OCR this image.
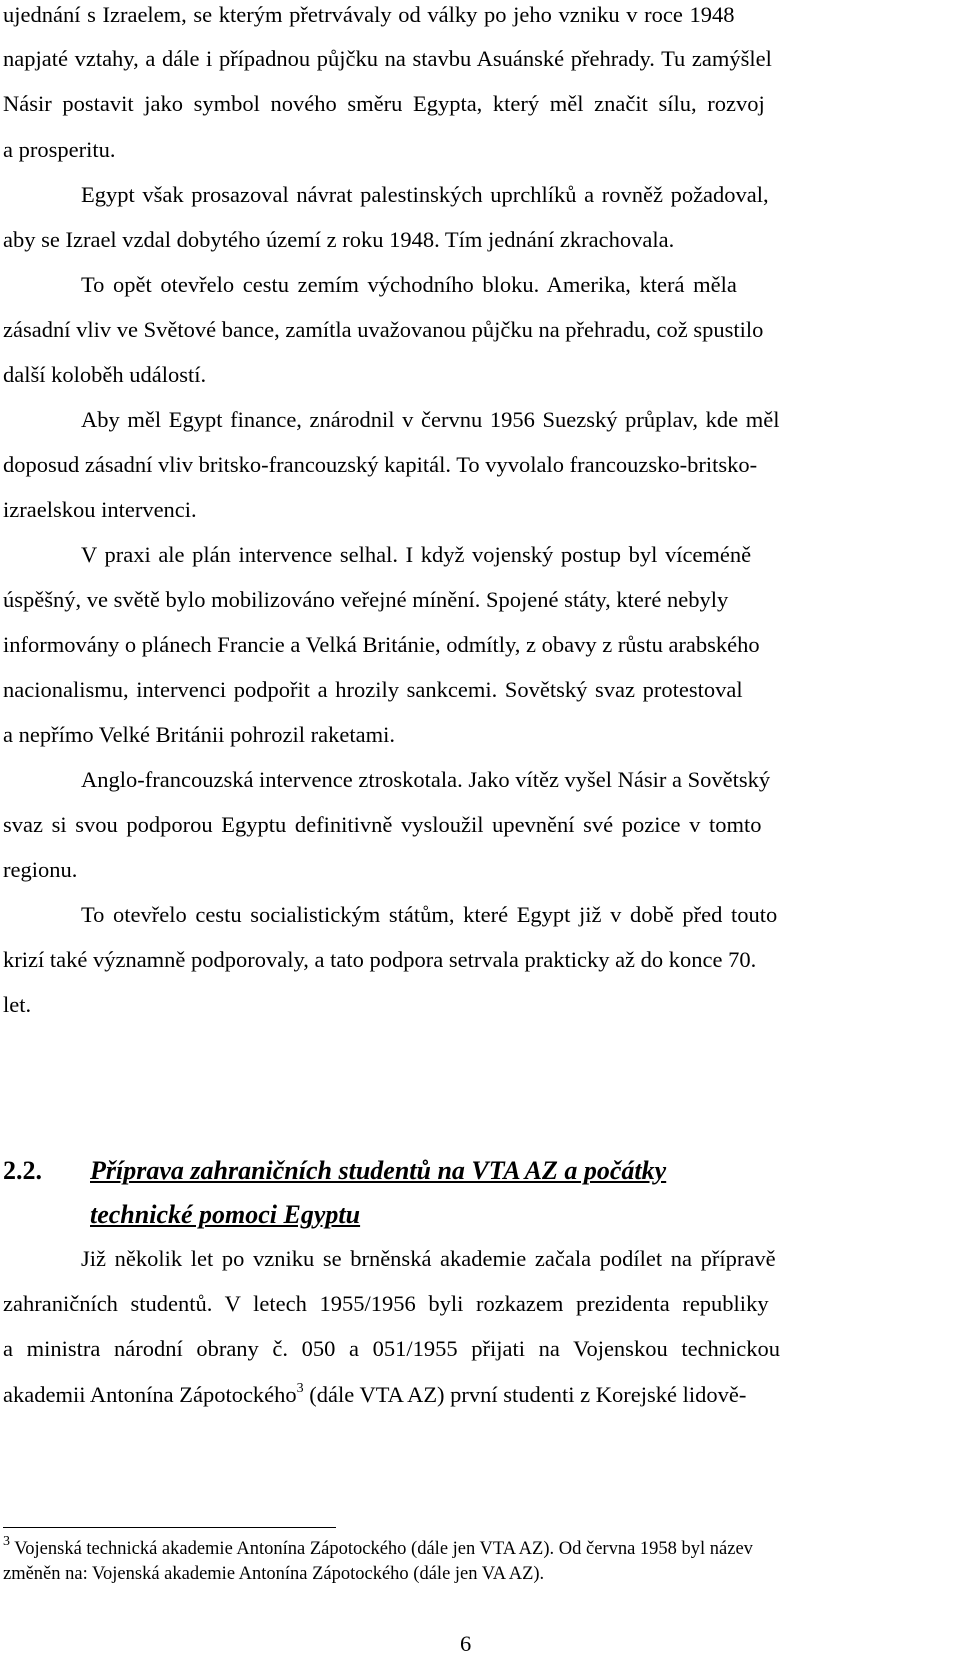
ujednání s Izraelem, se kterým přetrvávaly od války po jeho vzniku v roce 1948
napjaté vztahy, a dále i případnou půjčku na stavbu Asuánské přehrady. Tu zamýšlel
Násir postavit jako symbol nového směru Egypta, který měl značit sílu, rozvoj
a prosperitu.
Egypt však prosazoval návrat palestinských uprchlíků a rovněž požadoval,
aby se Izrael vzdal dobytého území z roku 1948. Tím jednání zkrachovala.
To opět otevřelo cestu zemím východního bloku. Amerika, která měla
zásadní vliv ve Světové bance, zamítla uvažovanou půjčku na přehradu, což spustilo
další koloběh událostí.
Aby měl Egypt finance, znárodnil v červnu 1956 Suezský průplav, kde měl
doposud zásadní vliv britsko-francouzský kapitál. To vyvolalo francouzsko-britsko-
izraelskou intervenci.
V praxi ale plán intervence selhal. I když vojenský postup byl víceméně
úspěšný, ve světě bylo mobilizováno veřejné mínění. Spojené státy, které nebyly
informovány o plánech Francie a Velká Británie, odmítly, z obavy z růstu arabského
nacionalismu, intervenci podpořit a hrozily sankcemi. Sovětský svaz protestoval
a nepřímo Velké Británii pohrozil raketami.
Anglo-francouzská intervence ztroskotala. Jako vítěz vyšel Násir a Sovětský
svaz si svou podporou Egyptu definitivně vysloužil upevnění své pozice v tomto
regionu.
To otevřelo cestu socialistickým státům, které Egypt již v době před touto
krizí také významně podporovaly, a tato podpora setrvala prakticky až do konce 70.
let.
2.2. Příprava zahraničních studentů na VTA AZ a počátky
technické pomoci Egyptu
Již několik let po vzniku se brněnská akademie začala podílet na přípravě
zahraničních studentů. V letech 1955/1956 byli rozkazem prezidenta republiky
a ministra národní obrany č. 050 a 051/1955 přijati na Vojenskou technickou
akademii Antonína Zápotockého$^3$ (dále VTA AZ) první studenti z Korejské lidově-
$^3$ Vojenská technická akademie Antonína Zápotockého (dále jen VTA AZ). Od června 1958 byl název
změněn na: Vojenská akademie Antonína Zápotockého (dále jen VA AZ).
6
